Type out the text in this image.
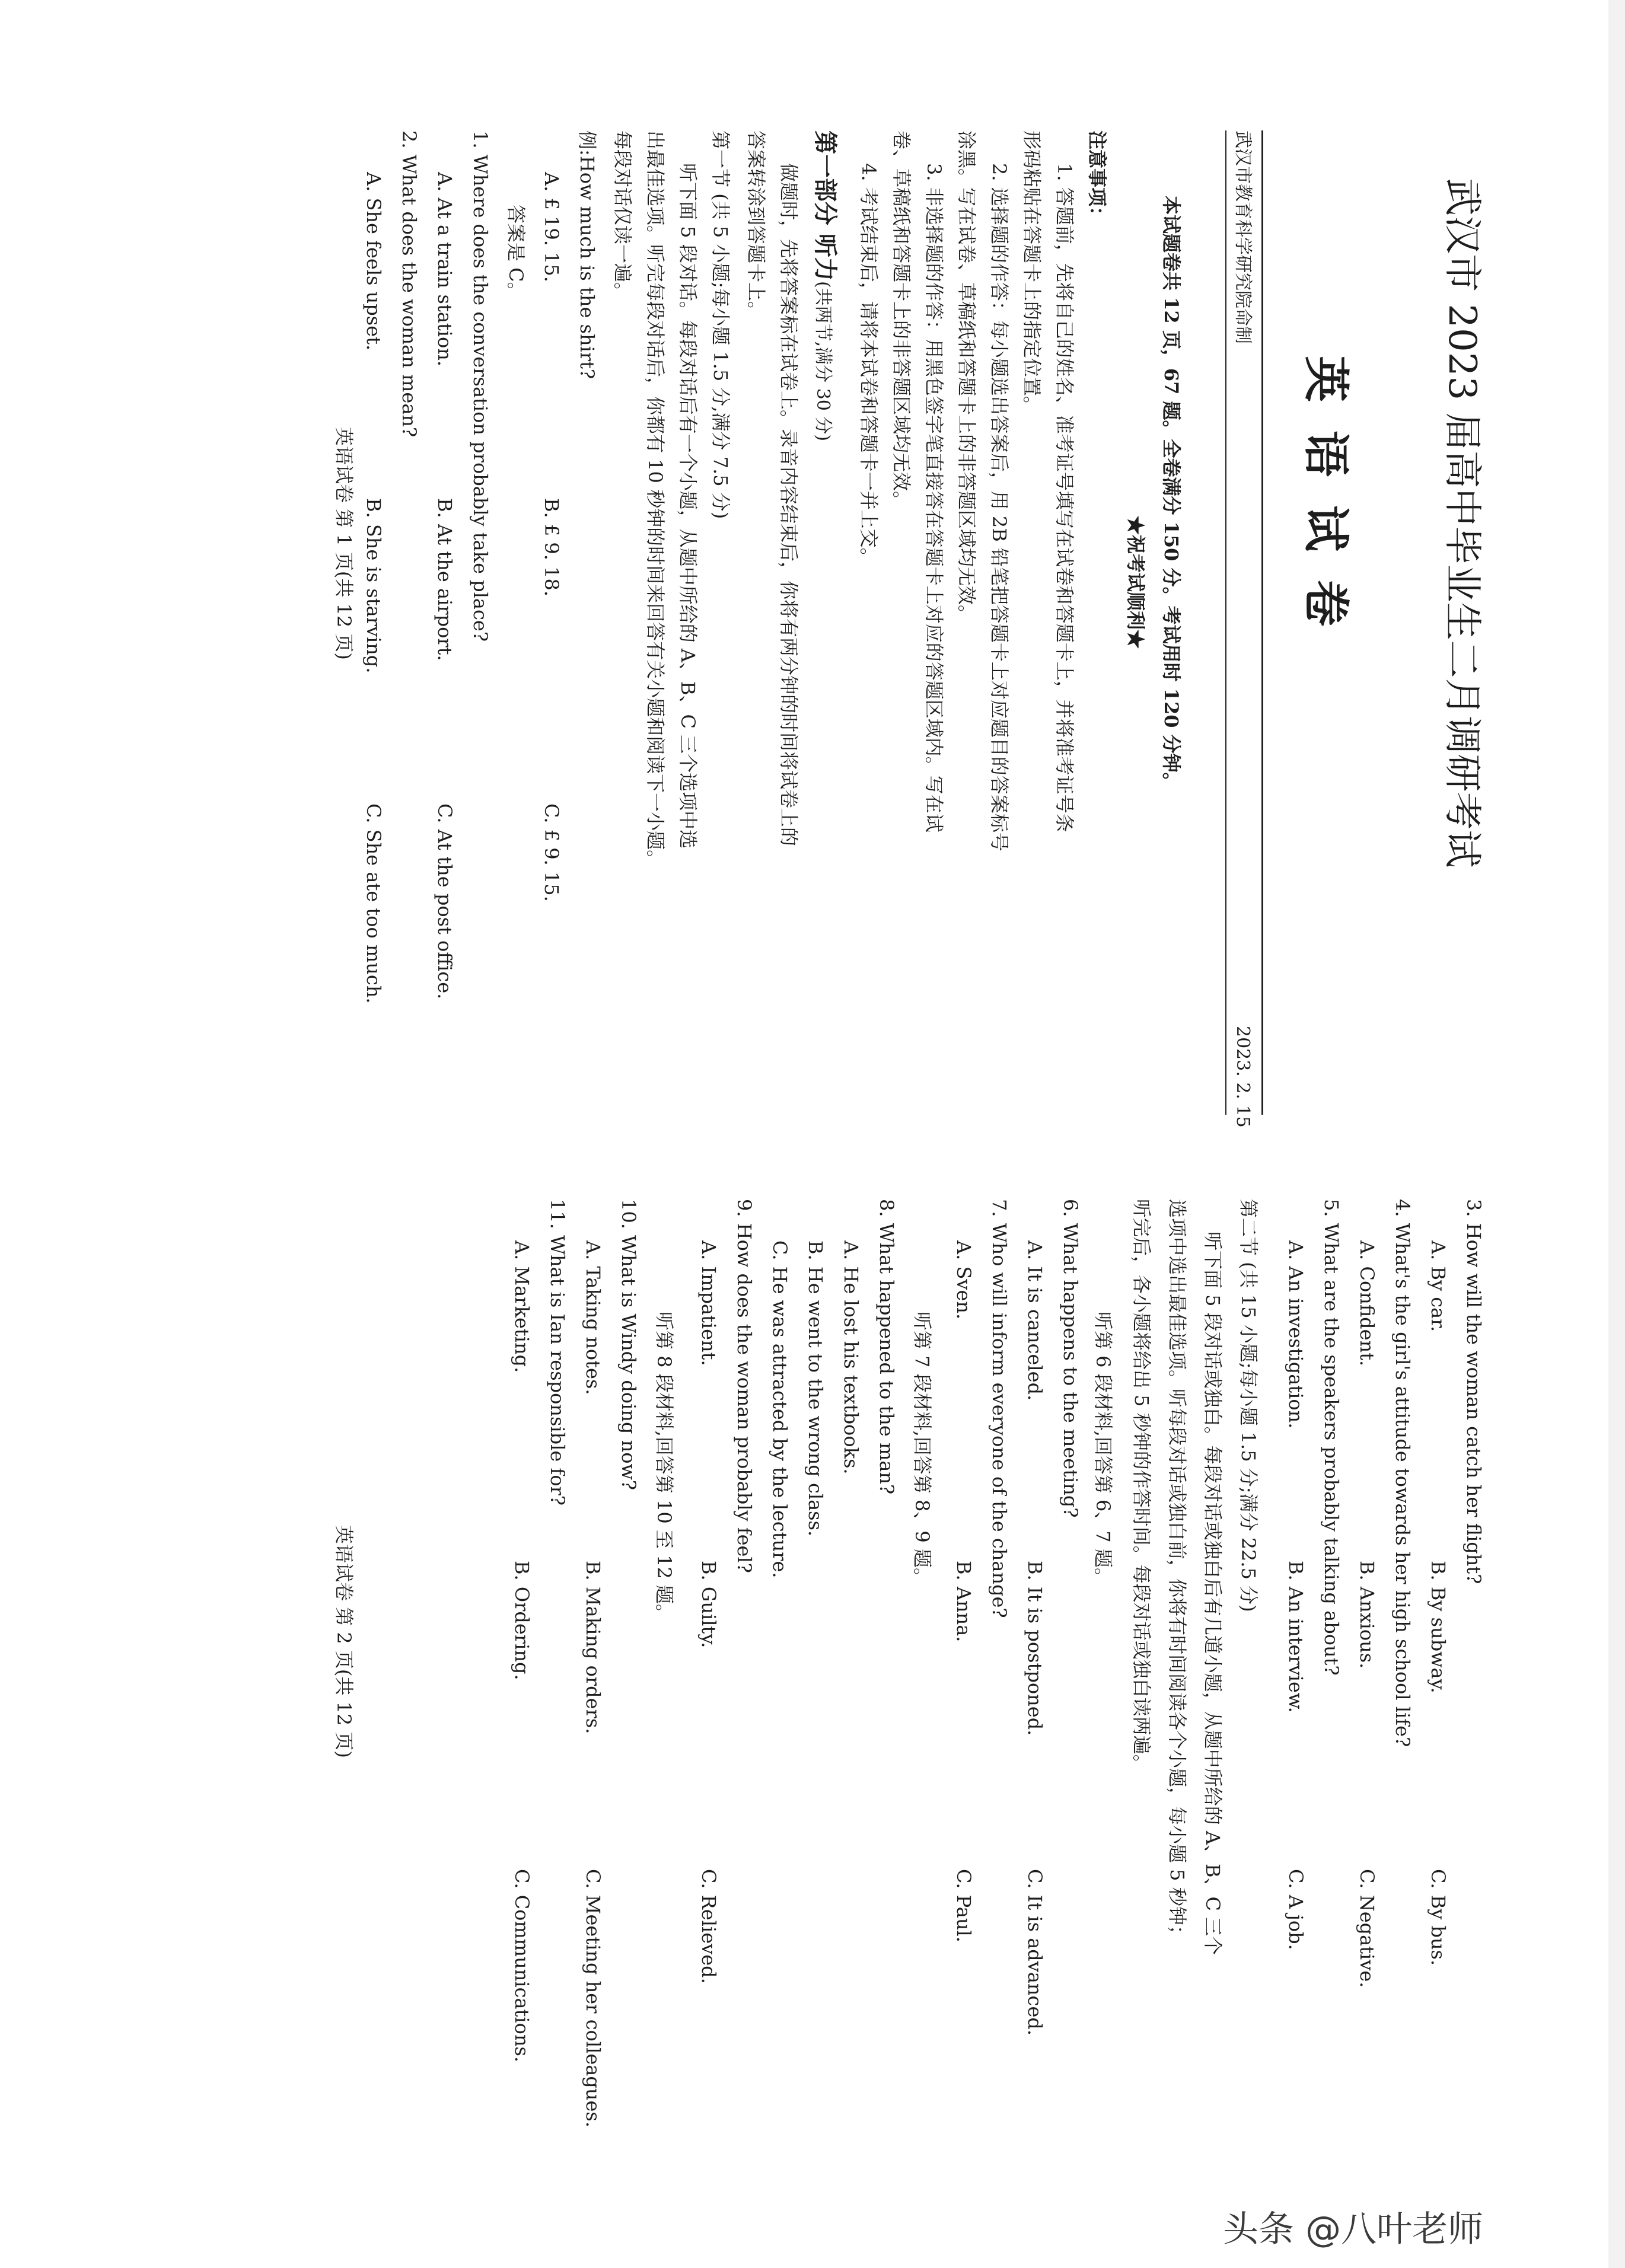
武汉市 2023 届高中毕业生二月调研考试
英语试卷
武汉市教育科学研究院命制
2023. 2. 15
本试题卷共 12 页，67 题。全卷满分 150 分。考试用时 120 分钟。
★祝考试顺利★
注意事项：
1. 答题前，先将自己的姓名、准考证号填写在试卷和答题卡上，并将准考证号条
形码粘贴在答题卡上的指定位置。
2. 选择题的作答：每小题选出答案后，用 2B 铅笔把答题卡上对应题目的答案标号
涂黑。写在试卷、草稿纸和答题卡上的非答题区域均无效。
3. 非选择题的作答：用黑色签字笔直接答在答题卡上对应的答题区域内。写在试
卷、草稿纸和答题卡上的非答题区域均无效。
4. 考试结束后，请将本试卷和答题卡一并上交。
第一部分 听力(共两节,满分 30 分)
做题时，先将答案标在试卷上。录音内容结束后，你将有两分钟的时间将试卷上的
答案转涂到答题卡上。
第一节 (共 5 小题;每小题 1.5 分,满分 7.5 分)
听下面 5 段对话。每段对话后有一个小题，从题中所给的 A、B、C 三个选项中选
出最佳选项。听完每段对话后，你都有 10 秒钟的时间来回答有关小题和阅读下一小题。
每段对话仅读一遍。
例:How much is the shirt?
A. £ 19. 15.
B. £ 9. 18.
C. £ 9. 15.
答案是 C。
1. Where does the conversation probably take place?
A. At a train station.
B. At the airport.
C. At the post office.
2. What does the woman mean?
A. She feels upset.
B. She is starving.
C. She ate too much.
英语试卷 第 1 页(共 12 页)
3. How will the woman catch her flight?
A. By car.
B. By subway.
C. By bus.
4. What's the girl's attitude towards her high school life?
A. Confident.
B. Anxious.
C. Negative.
5. What are the speakers probably talking about?
A. An investigation.
B. An interview.
C. A job.
第二节 (共 15 小题;每小题 1.5 分;满分 22.5 分)
听下面 5 段对话或独白。每段对话或独白后有几道小题，从题中所给的 A、B、C 三个
选项中选出最佳选项。听每段对话或独白前，你将有时间阅读各个小题，每小题 5 秒钟；
听完后，各小题将给出 5 秒钟的作答时间。每段对话或独白读两遍。
听第 6 段材料,回答第 6、7 题。
6. What happens to the meeting?
A. It is canceled.
B. It is postponed.
C. It is advanced.
7. Who will inform everyone of the change?
A. Sven.
B. Anna.
C. Paul.
听第 7 段材料,回答第 8、9 题。
8. What happened to the man?
A. He lost his textbooks.
B. He went to the wrong class.
C. He was attracted by the lecture.
9. How does the woman probably feel?
A. Impatient.
B. Guilty.
C. Relieved.
听第 8 段材料,回答第 10 至 12 题。
10. What is Windy doing now?
A. Taking notes.
B. Making orders.
C. Meeting her colleagues.
11. What is Ian responsible for?
A. Marketing.
B. Ordering.
C. Communications.
英语试卷 第 2 页(共 12 页)
头条 @八叶老师
